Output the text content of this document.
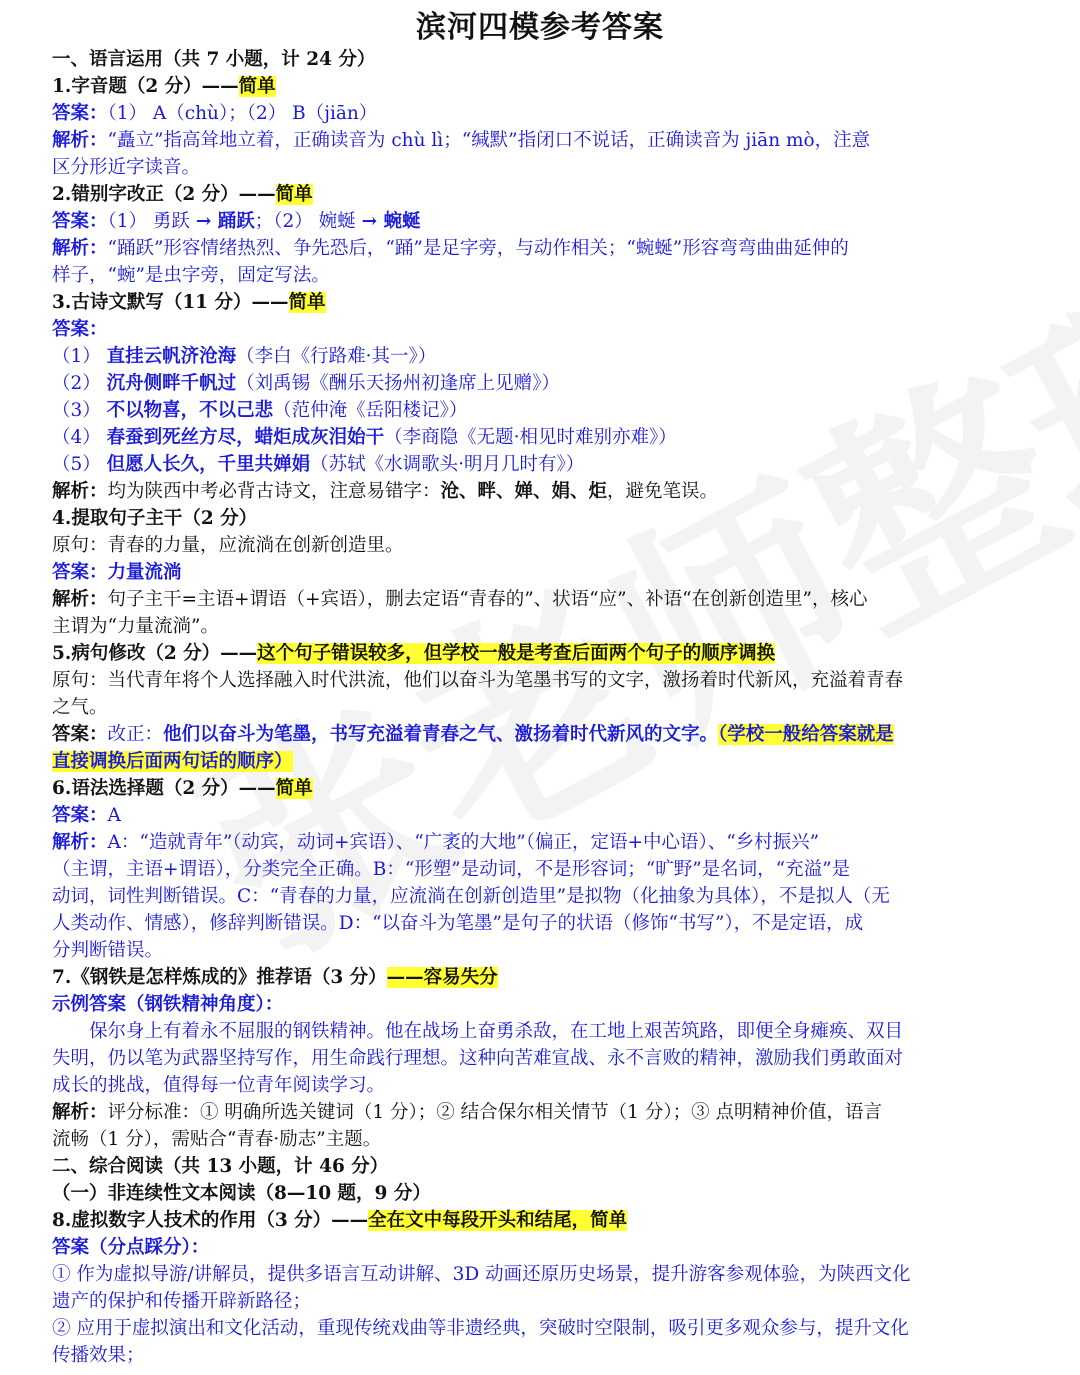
滨河四模参考答案
一、语言运用（共 7 小题，计 24 分）
1.字音题（2 分）——简单
答案：（1） A（chù）；（2） B（jiān）
解析：“矗立”指高耸地立着，正确读音为 chù lì；“缄默”指闭口不说话，正确读音为 jiān mò，注意
区分形近字读音。
2.错别字改正（2 分）——简单
答案：（1） 勇跃 → 踊跃；（2） 婉蜒 → 蜿蜒
解析：“踊跃”形容情绪热烈、争先恐后，“踊”是足字旁，与动作相关；“蜿蜒”形容弯弯曲曲延伸的
样子，“蜿”是虫字旁，固定写法。
3.古诗文默写（11 分）——简单
答案：
（1） 直挂云帆济沧海（李白《行路难·其一》）
（2） 沉舟侧畔千帆过（刘禹锡《酬乐天扬州初逢席上见赠》）
（3） 不以物喜，不以己悲（范仲淹《岳阳楼记》）
（4） 春蚕到死丝方尽，蜡炬成灰泪始干（李商隐《无题·相见时难别亦难》）
（5） 但愿人长久，千里共婵娟（苏轼《水调歌头·明月几时有》）
解析：均为陕西中考必背古诗文，注意易错字：沧、畔、婵、娟、炬，避免笔误。
4.提取句子主干（2 分）
原句：青春的力量，应流淌在创新创造里。
答案：力量流淌
解析：句子主干=主语+谓语（+宾语），删去定语“青春的”、状语“应”、补语“在创新创造里”，核心
主谓为“力量流淌”。
5.病句修改（2 分）——这个句子错误较多，但学校一般是考查后面两个句子的顺序调换
原句：当代青年将个人选择融入时代洪流，他们以奋斗为笔墨书写的文字，激扬着时代新风，充溢着青春
之气。
答案：改正：他们以奋斗为笔墨，书写充溢着青春之气、激扬着时代新风的文字。（学校一般给答案就是
直接调换后面两句话的顺序）
6.语法选择题（2 分）——简单
答案：A
解析：A：“造就青年”（动宾，动词+宾语）、“广袤的大地”（偏正，定语+中心语）、“乡村振兴”
（主谓，主语+谓语），分类完全正确。B：“形塑”是动词，不是形容词；“旷野”是名词，“充溢”是
动词，词性判断错误。C：“青春的力量，应流淌在创新创造里”是拟物（化抽象为具体），不是拟人（无
人类动作、情感），修辞判断错误。D：“以奋斗为笔墨”是句子的状语（修饰“书写”），不是定语，成
分判断错误。
7.《钢铁是怎样炼成的》推荐语（3 分）——容易失分
示例答案（钢铁精神角度）：
保尔身上有着永不屈服的钢铁精神。他在战场上奋勇杀敌，在工地上艰苦筑路，即便全身瘫痪、双目
失明，仍以笔为武器坚持写作，用生命践行理想。这种向苦难宣战、永不言败的精神，激励我们勇敢面对
成长的挑战，值得每一位青年阅读学习。
解析：评分标准：① 明确所选关键词（1 分）；② 结合保尔相关情节（1 分）；③ 点明精神价值，语言
流畅（1 分），需贴合“青春·励志”主题。
二、综合阅读（共 13 小题，计 46 分）
（一）非连续性文本阅读（8—10 题，9 分）
8.虚拟数字人技术的作用（3 分）——全在文中每段开头和结尾，简单
答案（分点踩分）：
① 作为虚拟导游/讲解员，提供多语言互动讲解、3D 动画还原历史场景，提升游客参观体验，为陕西文化
遗产的保护和传播开辟新路径；
② 应用于虚拟演出和文化活动，重现传统戏曲等非遗经典，突破时空限制，吸引更多观众参与，提升文化
传播效果；
